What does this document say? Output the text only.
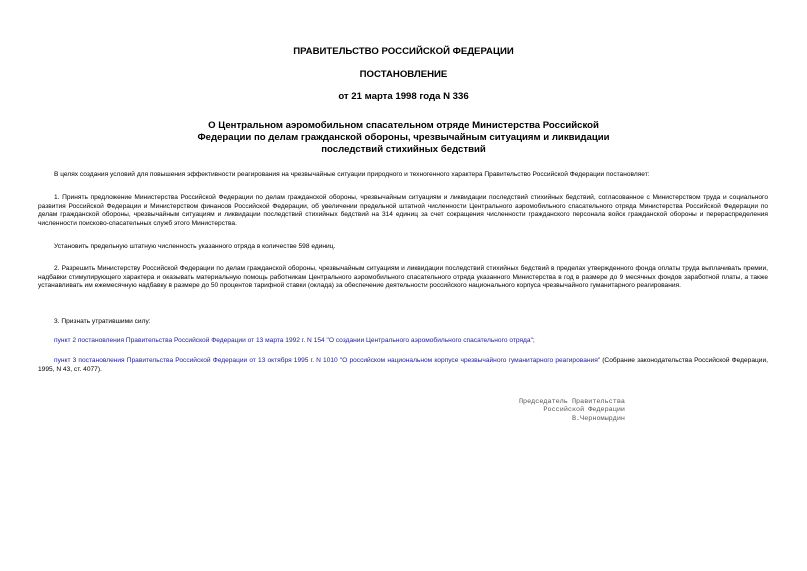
ПРАВИТЕЛЬСТВО РОССИЙСКОЙ ФЕДЕРАЦИИ
ПОСТАНОВЛЕНИЕ
от 21 марта 1998 года N 336
О Центральном аэромобильном спасательном отряде Министерства Российской Федерации по делам гражданской обороны, чрезвычайным ситуациям и ликвидации последствий стихийных бедствий
В целях создания условий для повышения эффективности реагирования на чрезвычайные ситуации природного и техногенного характера Правительство Российской Федерации постановляет:
1. Принять предложение Министерства Российской Федерации по делам гражданской обороны, чрезвычайным ситуациям и ликвидации последствий стихийных бедствий, согласованное с Министерством труда и социального развития Российской Федерации и Министерством финансов Российской Федерации, об увеличении предельной штатной численности Центрального аэромобильного спасательного отряда Министерства Российской Федерации по делам гражданской обороны, чрезвычайным ситуациям и ликвидации последствий стихийных бедствий на 314 единиц за счет сокращения численности гражданского персонала войск гражданской обороны и перераспределения численности поисково-спасательных служб этого Министерства.
Установить предельную штатную численность указанного отряда в количестве 598 единиц.
2. Разрешить Министерству Российской Федерации по делам гражданской обороны, чрезвычайным ситуациям и ликвидации последствий стихийных бедствий в пределах утвержденного фонда оплаты труда выплачивать премии, надбавки стимулирующего характера и оказывать материальную помощь работникам Центрального аэромобильного спасательного отряда указанного Министерства в год в размере до 9 месячных фондов заработной платы, а также устанавливать им ежемесячную надбавку в размере до 50 процентов тарифной ставки (оклада) за обеспечение деятельности российского национального корпуса чрезвычайного гуманитарного реагирования.
3. Признать утратившими силу:
пункт 2 постановления Правительства Российской Федерации от 13 марта 1992 г. N 154 "О создании Центрального аэромобильного спасательного отряда";
пункт 3 постановления Правительства Российской Федерации от 13 октября 1995 г. N 1010 "О российском национальном корпусе чрезвычайного гуманитарного реагирования" (Собрание законодательства Российской Федерации, 1995, N 43, ст. 4077).
Председатель Правительства
Российской Федерации
В.Черномырдин
